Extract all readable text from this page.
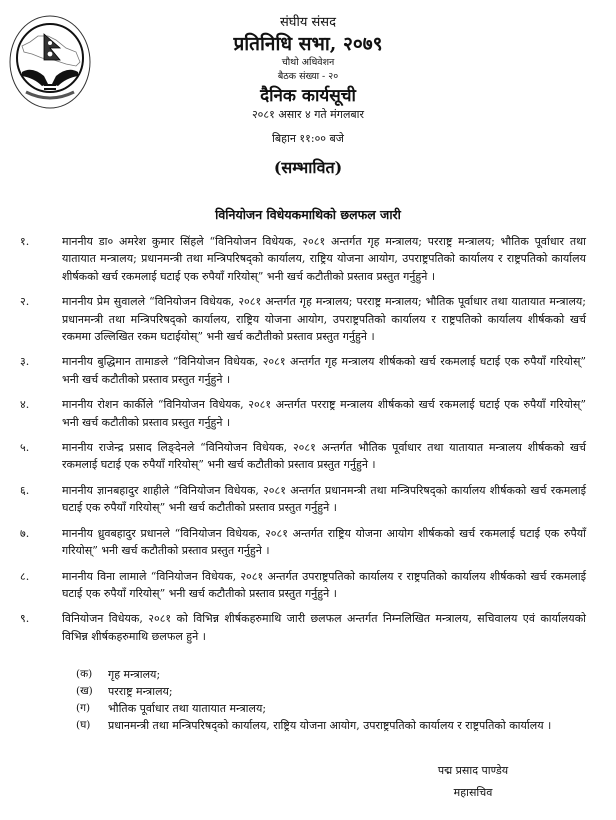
संघीय संसद
प्रतिनिधि सभा, २०७९
चौथो अधिवेशन
बैठक संख्या - २०
दैनिक कार्यसूची
२०८१ असार ४ गते मंगलबार
बिहान ११:०० बजे
(सम्भावित)
विनियोजन विधेयकमाथिको छलफल जारी
१.	माननीय डा० अमरेश कुमार सिंहले “विनियोजन विधेयक, २०८१ अन्तर्गत गृह मन्त्रालय; परराष्ट्र मन्त्रालय; भौतिक पूर्वाधार तथा यातायात मन्त्रालय; प्रधानमन्त्री तथा मन्त्रिपरिषद्को कार्यालय, राष्ट्रिय योजना आयोग, उपराष्ट्रपतिको कार्यालय र राष्ट्रपतिको कार्यालय शीर्षकको खर्च रकमलाई घटाई एक रुपैयाँ गरियोस्” भनी खर्च कटौतीको प्रस्ताव प्रस्तुत गर्नुहुने ।
२.	माननीय प्रेम सुवालले “विनियोजन विधेयक, २०८१ अन्तर्गत गृह मन्त्रालय; परराष्ट्र मन्त्रालय; भौतिक पूर्वाधार तथा यातायात मन्त्रालय; प्रधानमन्त्री तथा मन्त्रिपरिषद्को कार्यालय, राष्ट्रिय योजना आयोग, उपराष्ट्रपतिको कार्यालय र राष्ट्रपतिको कार्यालय शीर्षकको खर्च रकममा उल्लिखित रकम घटाईयोस्” भनी खर्च कटौतीको प्रस्ताव प्रस्तुत गर्नुहुने ।
३.	माननीय बुद्धिमान तामाङले “विनियोजन विधेयक, २०८१ अन्तर्गत गृह मन्त्रालय शीर्षकको खर्च रकमलाई घटाई एक रुपैयाँ गरियोस्” भनी खर्च कटौतीको प्रस्ताव प्रस्तुत गर्नुहुने ।
४.	माननीय रोशन कार्कीले “विनियोजन विधेयक, २०८१ अन्तर्गत परराष्ट्र मन्त्रालय शीर्षकको खर्च रकमलाई घटाई एक रुपैयाँ गरियोस्” भनी खर्च कटौतीको प्रस्ताव प्रस्तुत गर्नुहुने ।
५.	माननीय राजेन्द्र प्रसाद लिङ्देनले “विनियोजन विधेयक, २०८१ अन्तर्गत भौतिक पूर्वाधार तथा यातायात मन्त्रालय शीर्षकको खर्च रकमलाई घटाई एक रुपैयाँ गरियोस्” भनी खर्च कटौतीको प्रस्ताव प्रस्तुत गर्नुहुने ।
६.	माननीय ज्ञानबहादुर शाहीले “विनियोजन विधेयक, २०८१ अन्तर्गत प्रधानमन्त्री तथा मन्त्रिपरिषद्को कार्यालय शीर्षकको खर्च रकमलाई घटाई एक रुपैयाँ गरियोस्” भनी खर्च कटौतीको प्रस्ताव प्रस्तुत गर्नुहुने ।
७.	माननीय ध्रुवबहादुर प्रधानले “विनियोजन विधेयक, २०८१ अन्तर्गत राष्ट्रिय योजना आयोग शीर्षकको खर्च रकमलाई घटाई एक रुपैयाँ गरियोस्” भनी खर्च कटौतीको प्रस्ताव प्रस्तुत गर्नुहुने ।
८.	माननीय विना लामाले “विनियोजन विधेयक, २०८१ अन्तर्गत उपराष्ट्रपतिको कार्यालय र राष्ट्रपतिको कार्यालय शीर्षकको खर्च रकमलाई घटाई एक रुपैयाँ गरियोस्” भनी खर्च कटौतीको प्रस्ताव प्रस्तुत गर्नुहुने ।
९.	विनियोजन विधेयक, २०८१ को विभिन्न शीर्षकहरुमाथि जारी छलफल अन्तर्गत निम्नलिखित मन्त्रालय, सचिवालय एवं कार्यालयको विभिन्न शीर्षकहरुमाथि छलफल हुने ।
(क)	गृह मन्त्रालय;
(ख)	परराष्ट्र मन्त्रालय;
(ग)	भौतिक पूर्वाधार तथा यातायात मन्त्रालय;
(घ)	प्रधानमन्त्री तथा मन्त्रिपरिषद्को कार्यालय, राष्ट्रिय योजना आयोग, उपराष्ट्रपतिको कार्यालय र राष्ट्रपतिको कार्यालय ।
पद्म प्रसाद पाण्डेय
महासचिव
